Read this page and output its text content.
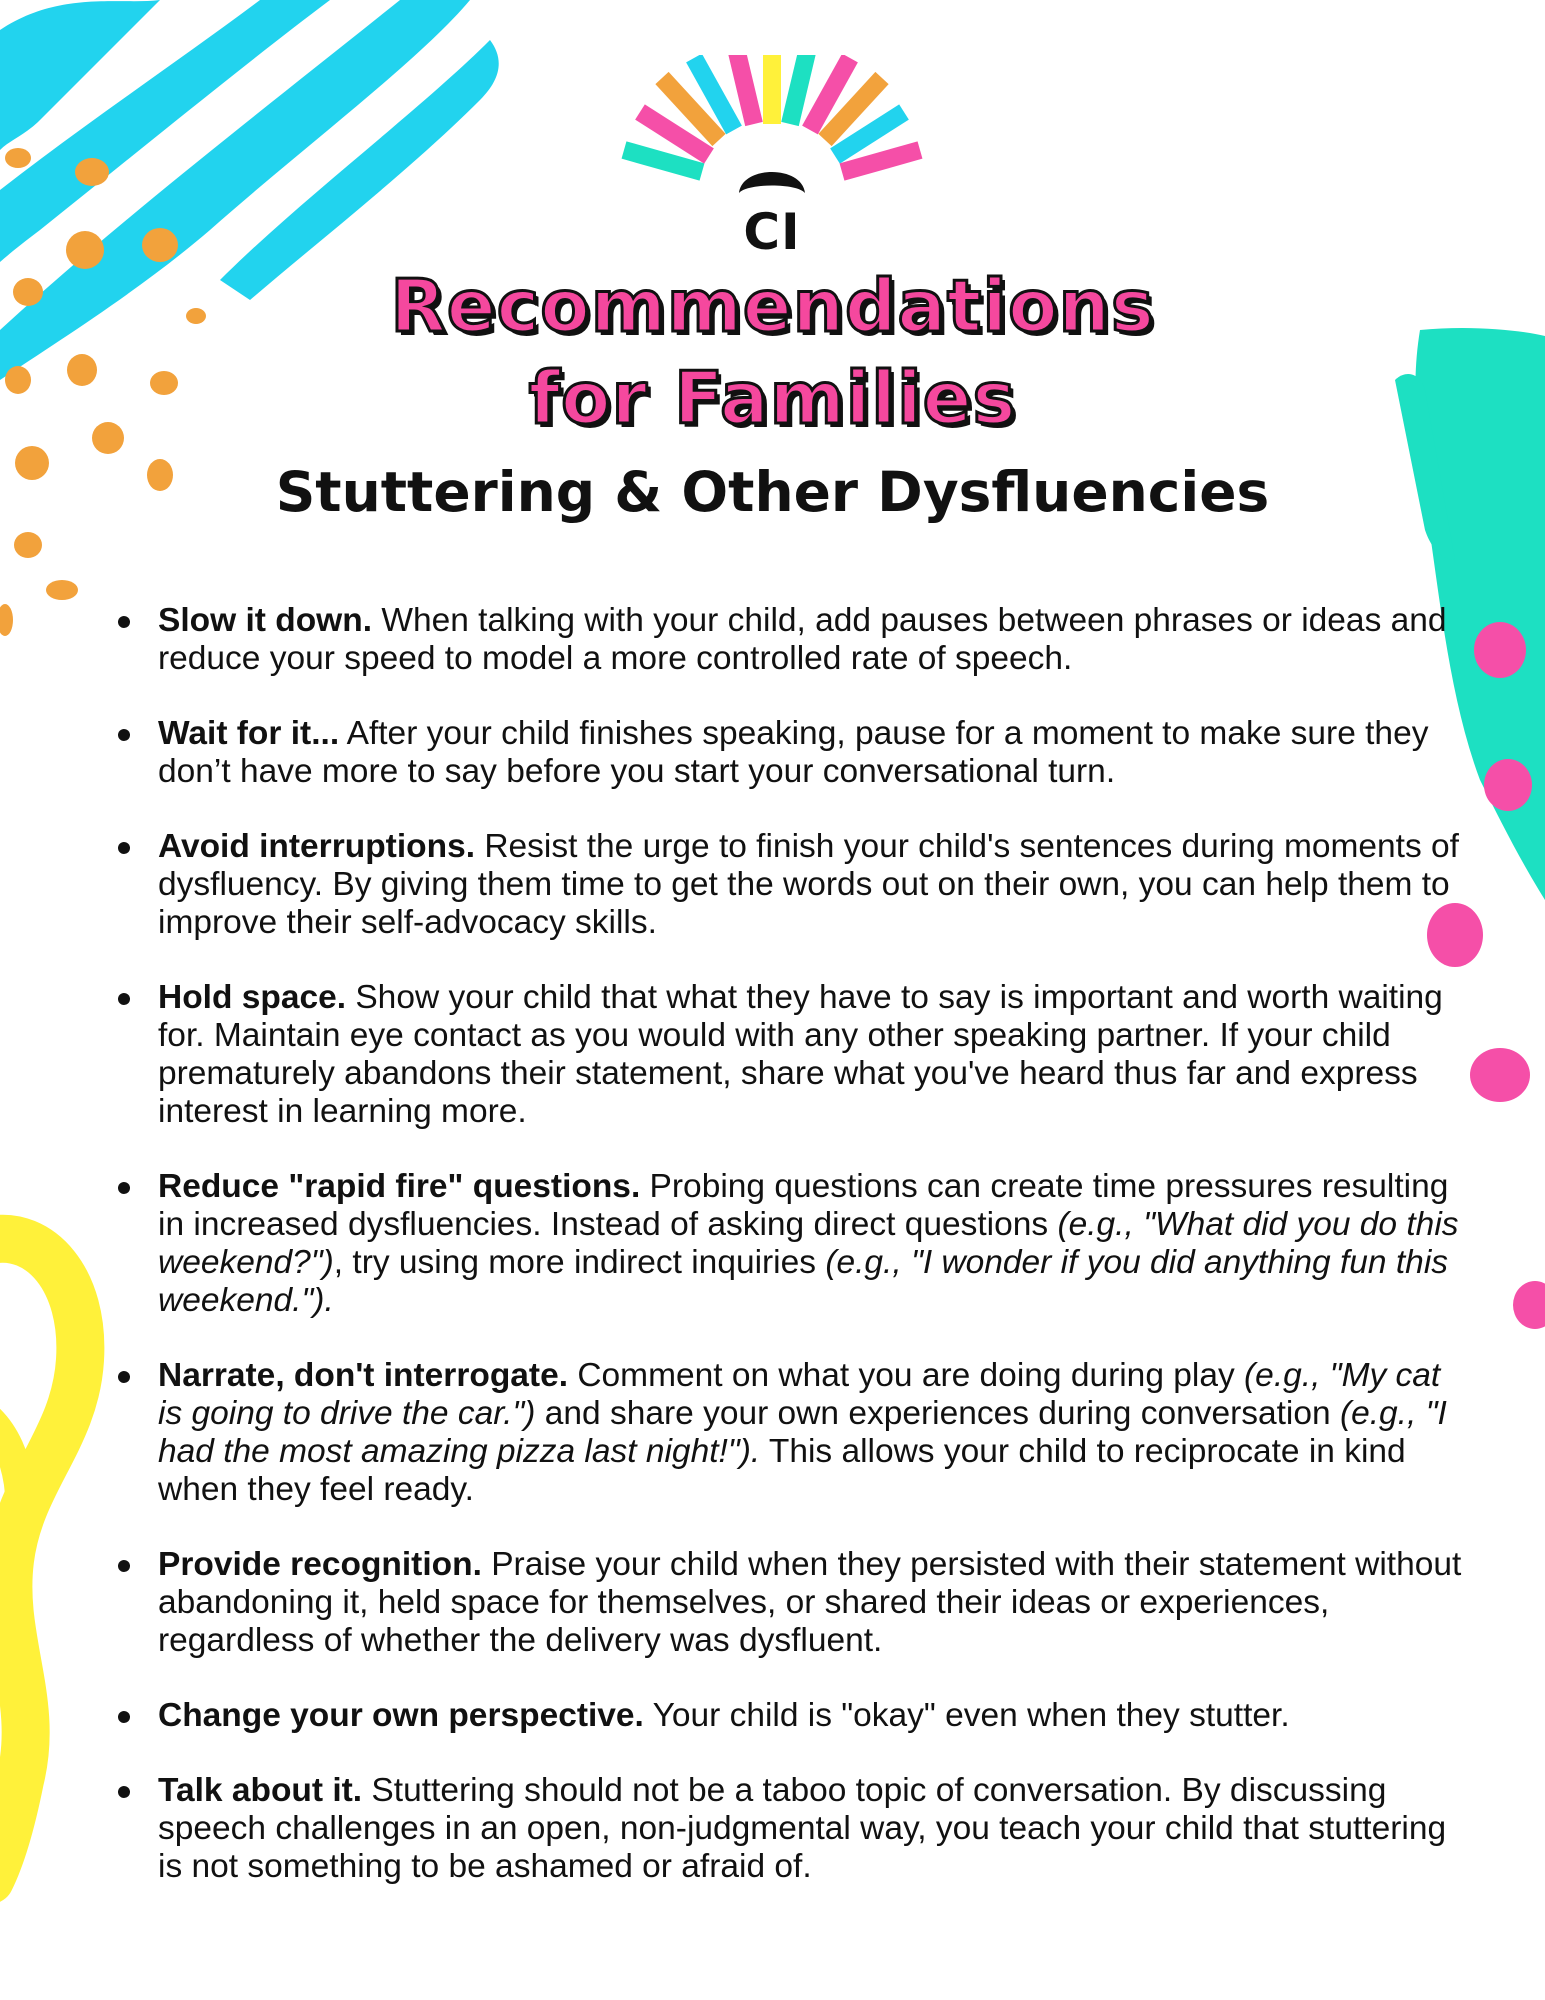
CI
Recommendations
for Families
Stuttering & Other Dysfluencies
Slow it down. When talking with your child, add pauses between phrases or ideas and reduce your speed to model a more controlled rate of speech.
Wait for it... After your child finishes speaking, pause for a moment to make sure they don’t have more to say before you start your conversational turn.
Avoid interruptions. Resist the urge to finish your child's sentences during moments of dysfluency. By giving them time to get the words out on their own, you can help them to improve their self-advocacy skills.
Hold space. Show your child that what they have to say is important and worth waiting for. Maintain eye contact as you would with any other speaking partner. If your child prematurely abandons their statement, share what you've heard thus far and express interest in learning more.
Reduce "rapid fire" questions. Probing questions can create time pressures resulting in increased dysfluencies. Instead of asking direct questions (e.g., "What did you do this weekend?"), try using more indirect inquiries (e.g., "I wonder if you did anything fun this weekend.").
Narrate, don't interrogate. Comment on what you are doing during play (e.g., "My cat is going to drive the car.") and share your own experiences during conversation (e.g., "I had the most amazing pizza last night!"). This allows your child to reciprocate in kind when they feel ready.
Provide recognition. Praise your child when they persisted with their statement without abandoning it, held space for themselves, or shared their ideas or experiences, regardless of whether the delivery was dysfluent.
Change your own perspective. Your child is "okay" even when they stutter.
Talk about it. Stuttering should not be a taboo topic of conversation. By discussing speech challenges in an open, non-judgmental way, you teach your child that stuttering is not something to be ashamed or afraid of.
